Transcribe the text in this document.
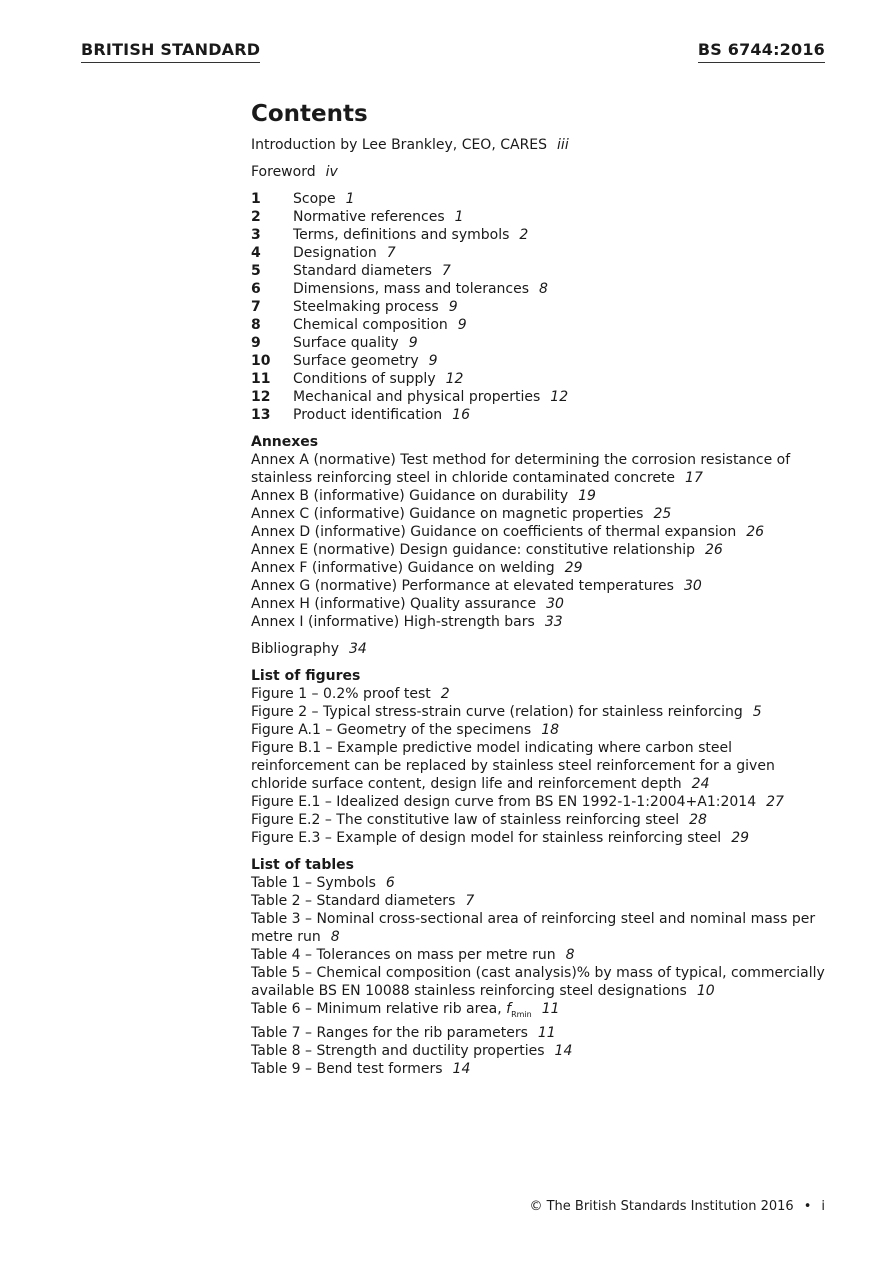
BRITISH STANDARD	BS 6744:2016
Contents

Introduction by Lee Brankley, CEO, CARES iii

Foreword iv

1	Scope 1
2	Normative references 1
3	Terms, definitions and symbols 2
4	Designation 7
5	Standard diameters 7
6	Dimensions, mass and tolerances 8
7	Steelmaking process 9
8	Chemical composition 9
9	Surface quality 9
10	Surface geometry 9
11	Conditions of supply 12
12	Mechanical and physical properties 12
13	Product identification 16
Annexes
Annex A (normative) Test method for determining the corrosion resistance of stainless reinforcing steel in chloride contaminated concrete 17
Annex B (informative) Guidance on durability 19
Annex C (informative) Guidance on magnetic properties 25
Annex D (informative) Guidance on coefficients of thermal expansion 26
Annex E (normative) Design guidance: constitutive relationship 26
Annex F (informative) Guidance on welding 29
Annex G (normative) Performance at elevated temperatures 30
Annex H (informative) Quality assurance 30
Annex I (informative) High-strength bars 33

Bibliography 34

List of figures
Figure 1 – 0.2% proof test 2
Figure 2 – Typical stress-strain curve (relation) for stainless reinforcing 5
Figure A.1 – Geometry of the specimens 18
Figure B.1 – Example predictive model indicating where carbon steel reinforcement can be replaced by stainless steel reinforcement for a given chloride surface content, design life and reinforcement depth 24
Figure E.1 – Idealized design curve from BS EN 1992-1-1:2004+A1:2014 27
Figure E.2 – The constitutive law of stainless reinforcing steel 28
Figure E.3 – Example of design model for stainless reinforcing steel 29
List of tables
Table 1 – Symbols 6
Table 2 – Standard diameters 7
Table 3 – Nominal cross-sectional area of reinforcing steel and nominal mass per metre run 8
Table 4 – Tolerances on mass per metre run 8
Table 5 – Chemical composition (cast analysis)% by mass of typical, commercially available BS EN 10088 stainless reinforcing steel designations 10
Table 6 – Minimum relative rib area, $f_{Rmin}$ 11
Table 7 – Ranges for the rib parameters 11
Table 8 – Strength and ductility properties 14
Table 9 – Bend test formers 14
© The British Standards Institution 2016 • i
